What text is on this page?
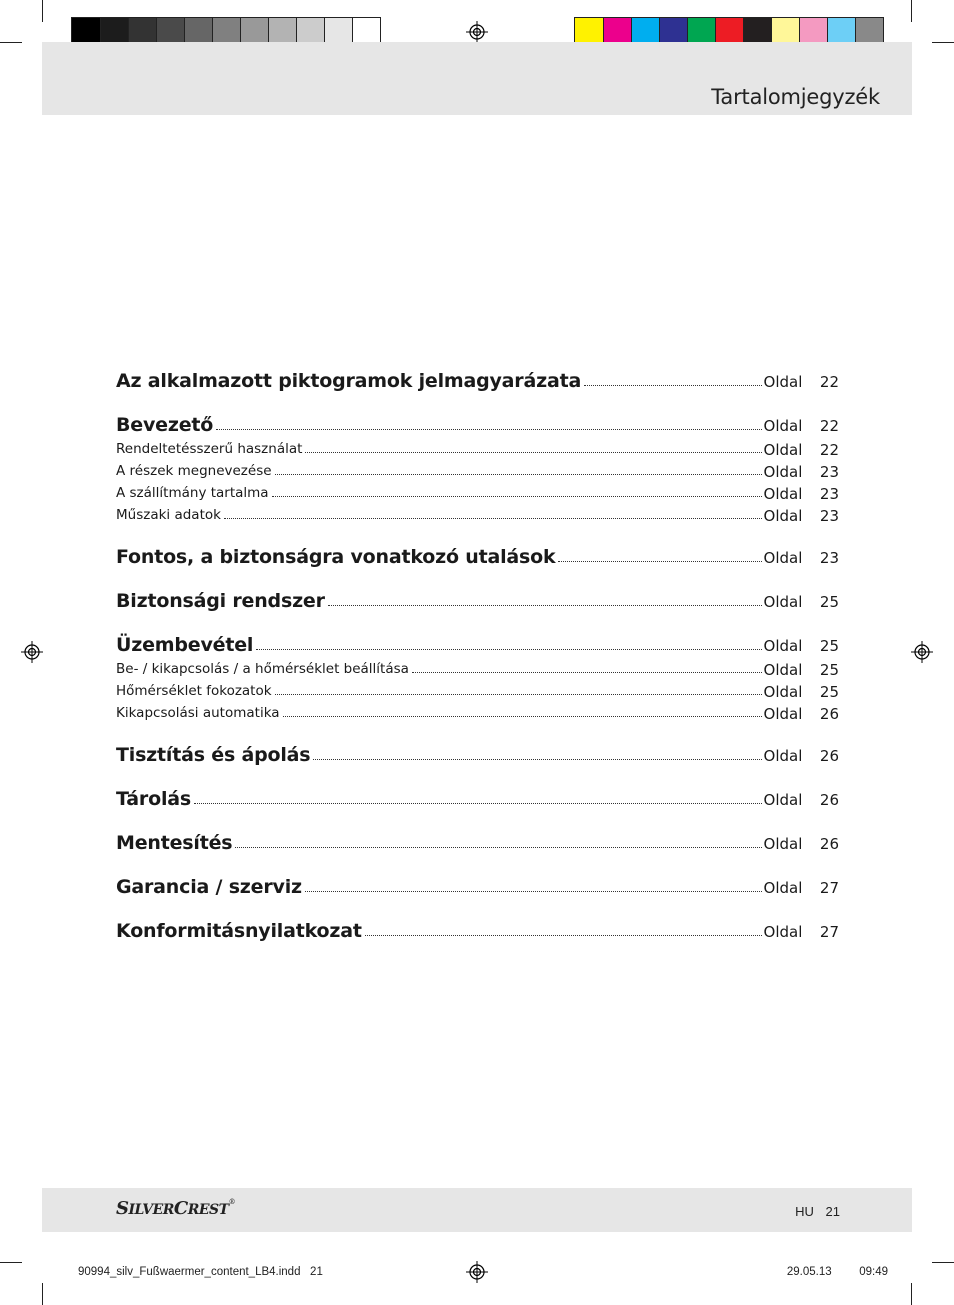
Tartalomjegyzék
Az alkalmazott piktogramok jelmagyarázata	Oldal  22
Bevezető	Oldal  22
Rendeltetésszerű használat	Oldal  22
A részek megnevezése	Oldal  23
A szállítmány tartalma	Oldal  23
Műszaki adatok	Oldal  23
Fontos, a biztonságra vonatkozó utalások	Oldal  23
Biztonsági rendszer	Oldal  25
Üzembevétel	Oldal  25
Be- / kikapcsolás / a hőmérséklet beállítása	Oldal  25
Hőmérséklet fokozatok	Oldal  25
Kikapcsolási automatika	Oldal  26
Tisztítás és ápolás	Oldal  26
Tárolás	Oldal  26
Mentesítés	Oldal  26
Garancia / szerviz	Oldal  27
Konformitásnyilatkozat	Oldal  27
SILVERCREST®
HU 21
90994_silv_Fußwaermer_content_LB4.indd   21	29.05.13   09:49
